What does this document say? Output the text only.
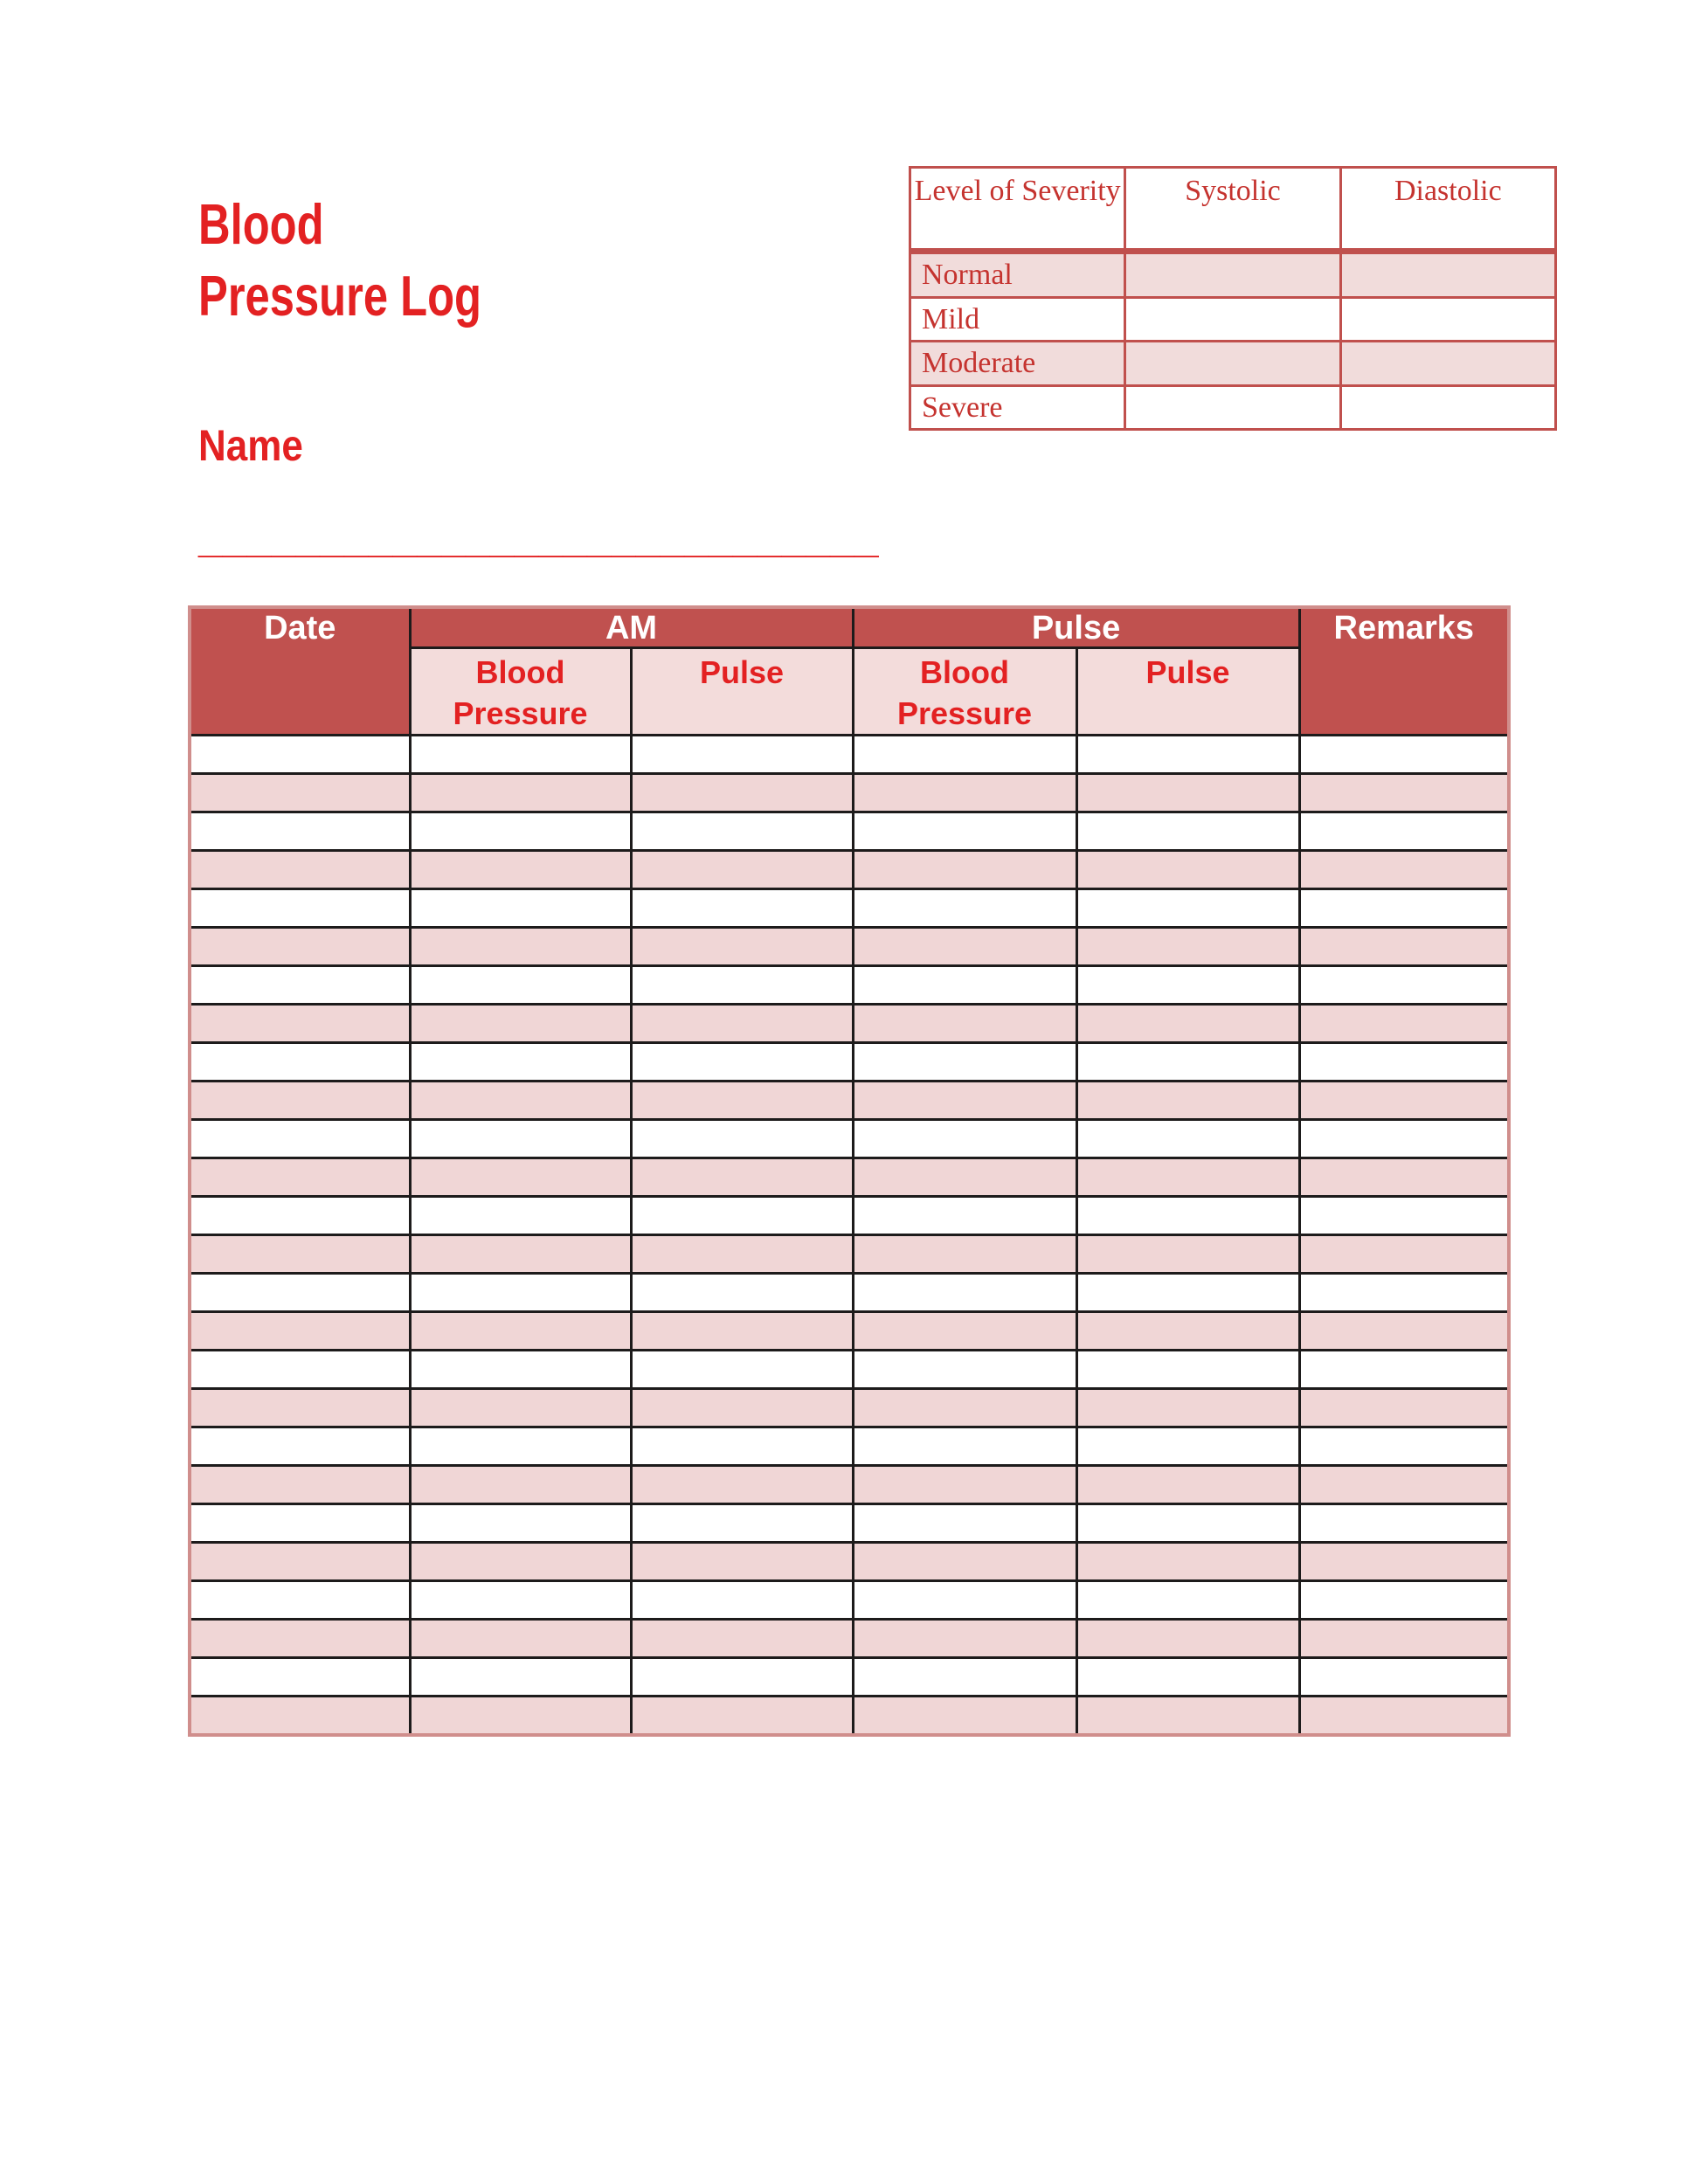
Blood
Pressure Log
Level of Severity	Systolic	Diastolic
Normal		
Mild		
Moderate		
Severe		
Name
____________________________
Date	AM		Pulse		Remarks
	Blood Pressure	Pulse	Blood Pressure	Pulse	
